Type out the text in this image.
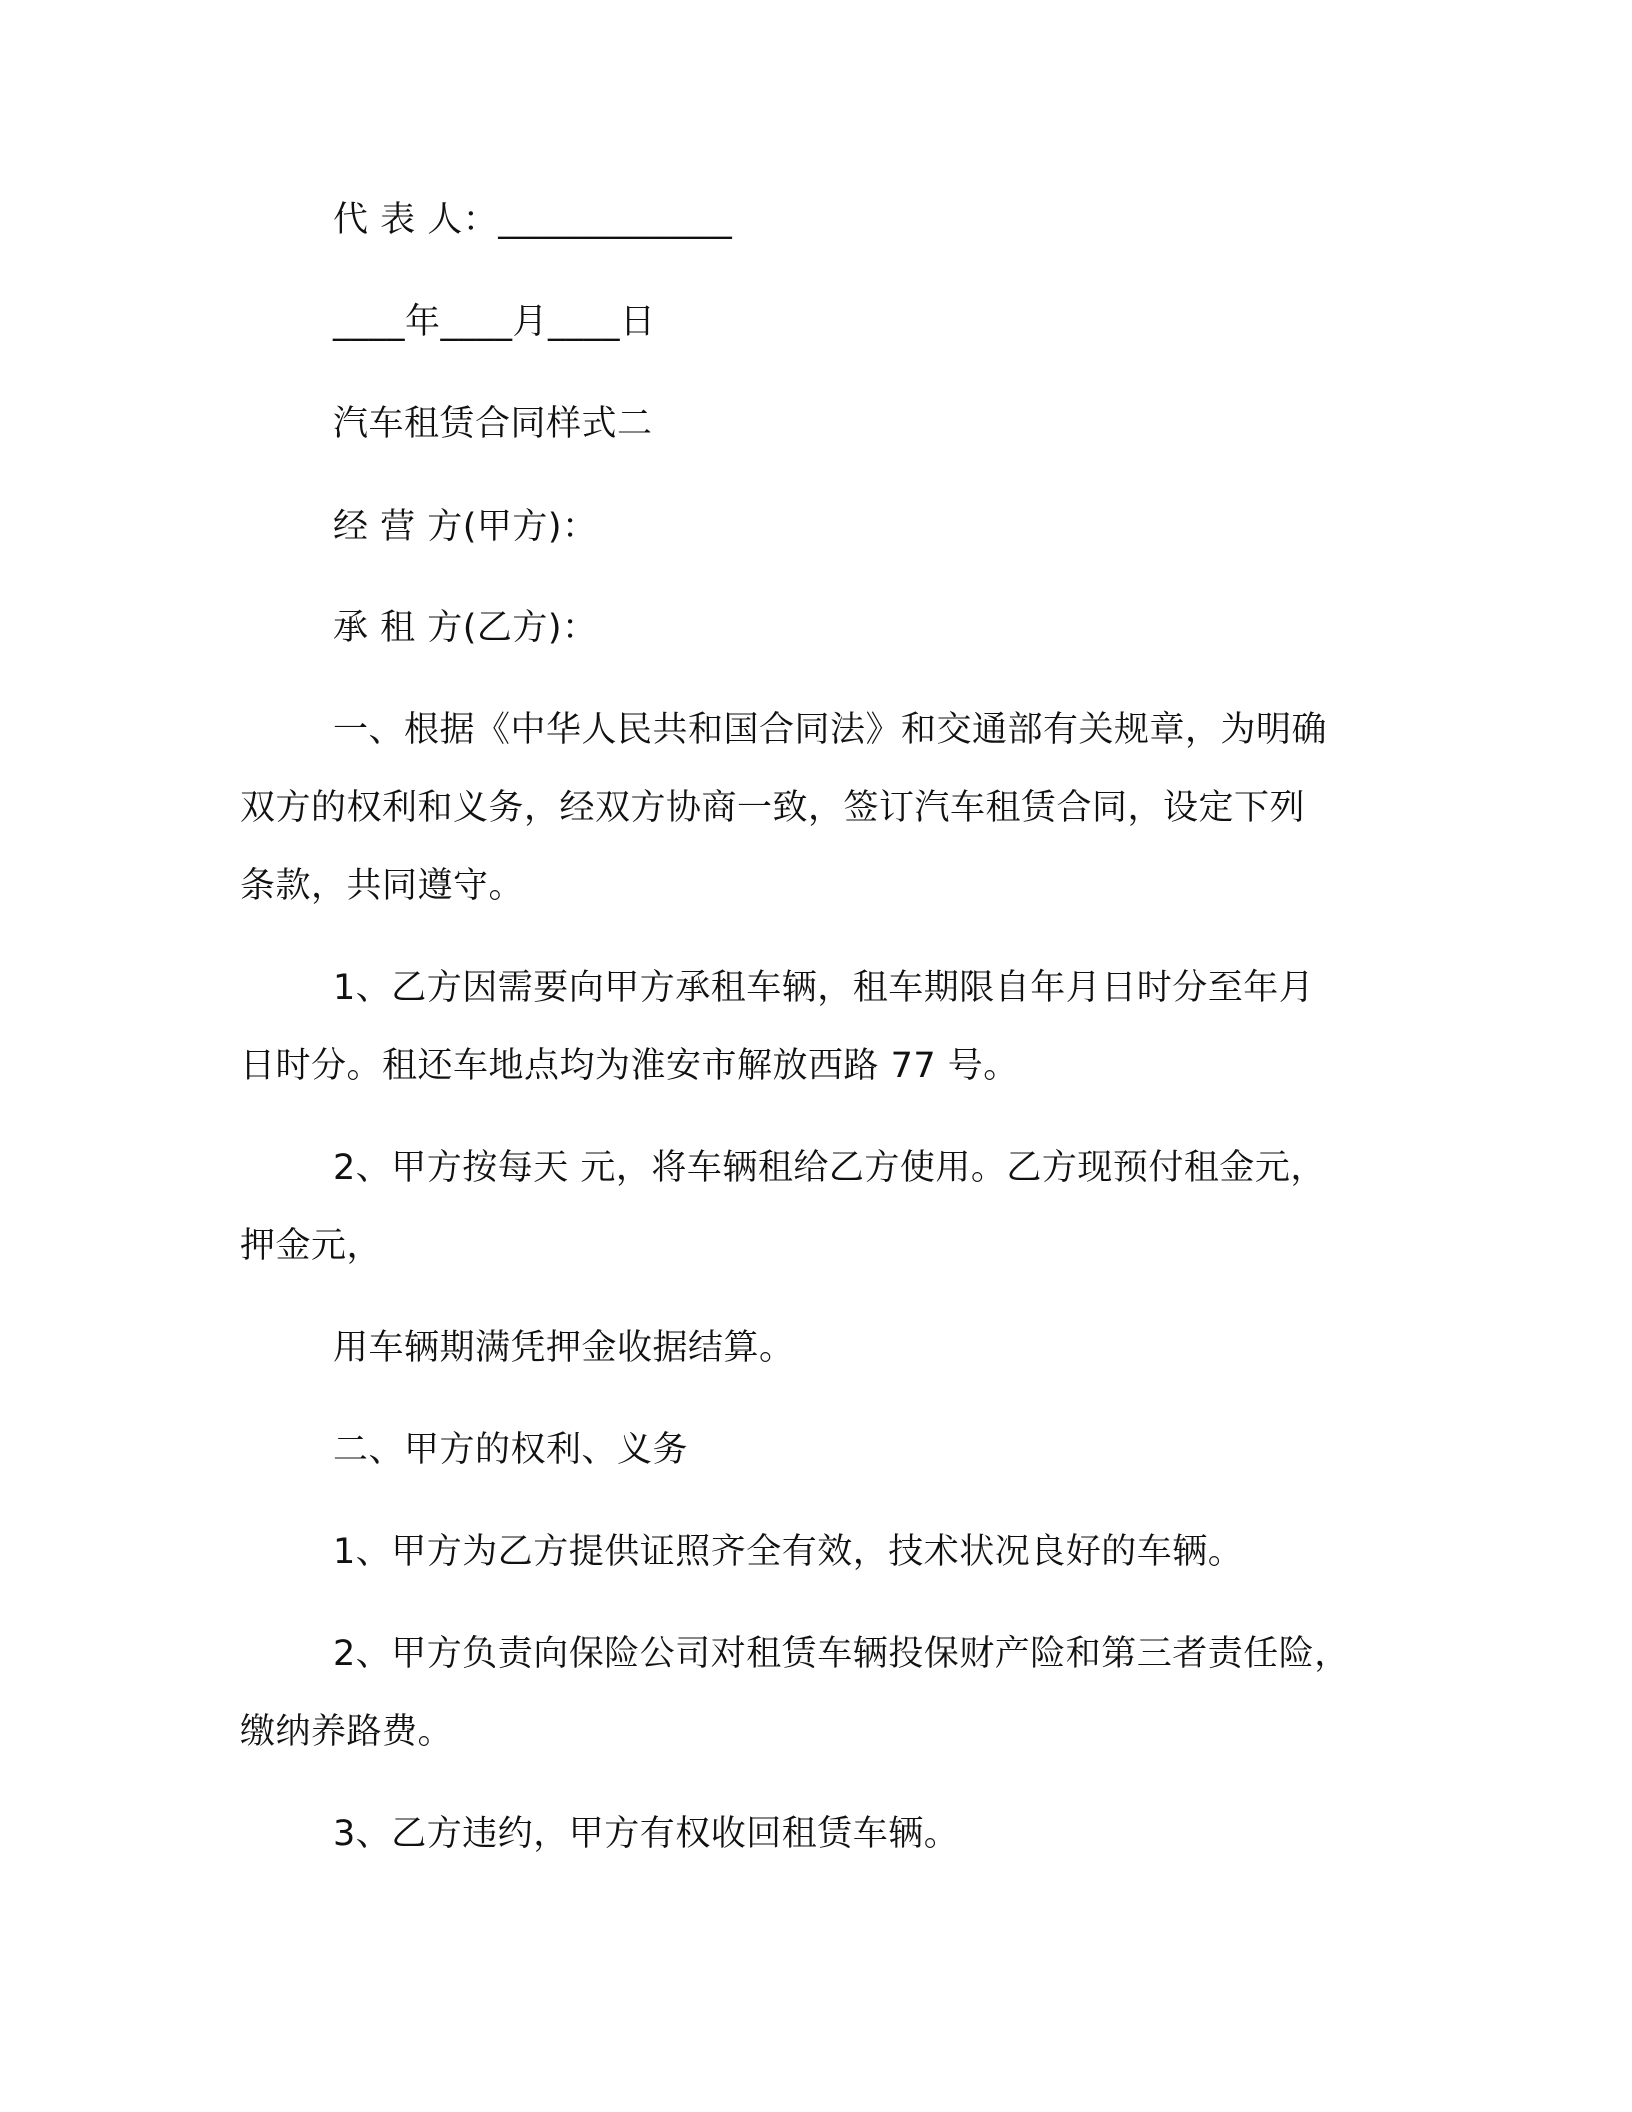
代 表 人：_____________
____年____月____日
汽车租赁合同样式二
经 营 方(甲方)：
承 租 方(乙方)：
一、根据《中华人民共和国合同法》和交通部有关规章，为明确
双方的权利和义务，经双方协商一致，签订汽车租赁合同，设定下列
条款，共同遵守。
1、乙方因需要向甲方承租车辆，租车期限自年月日时分至年月
日时分。租还车地点均为淮安市解放西路 77 号。
2、甲方按每天 元，将车辆租给乙方使用。乙方现预付租金元，
押金元，
用车辆期满凭押金收据结算。
二、甲方的权利、义务
1、甲方为乙方提供证照齐全有效，技术状况良好的车辆。
2、甲方负责向保险公司对租赁车辆投保财产险和第三者责任险，
缴纳养路费。
3、乙方违约，甲方有权收回租赁车辆。
